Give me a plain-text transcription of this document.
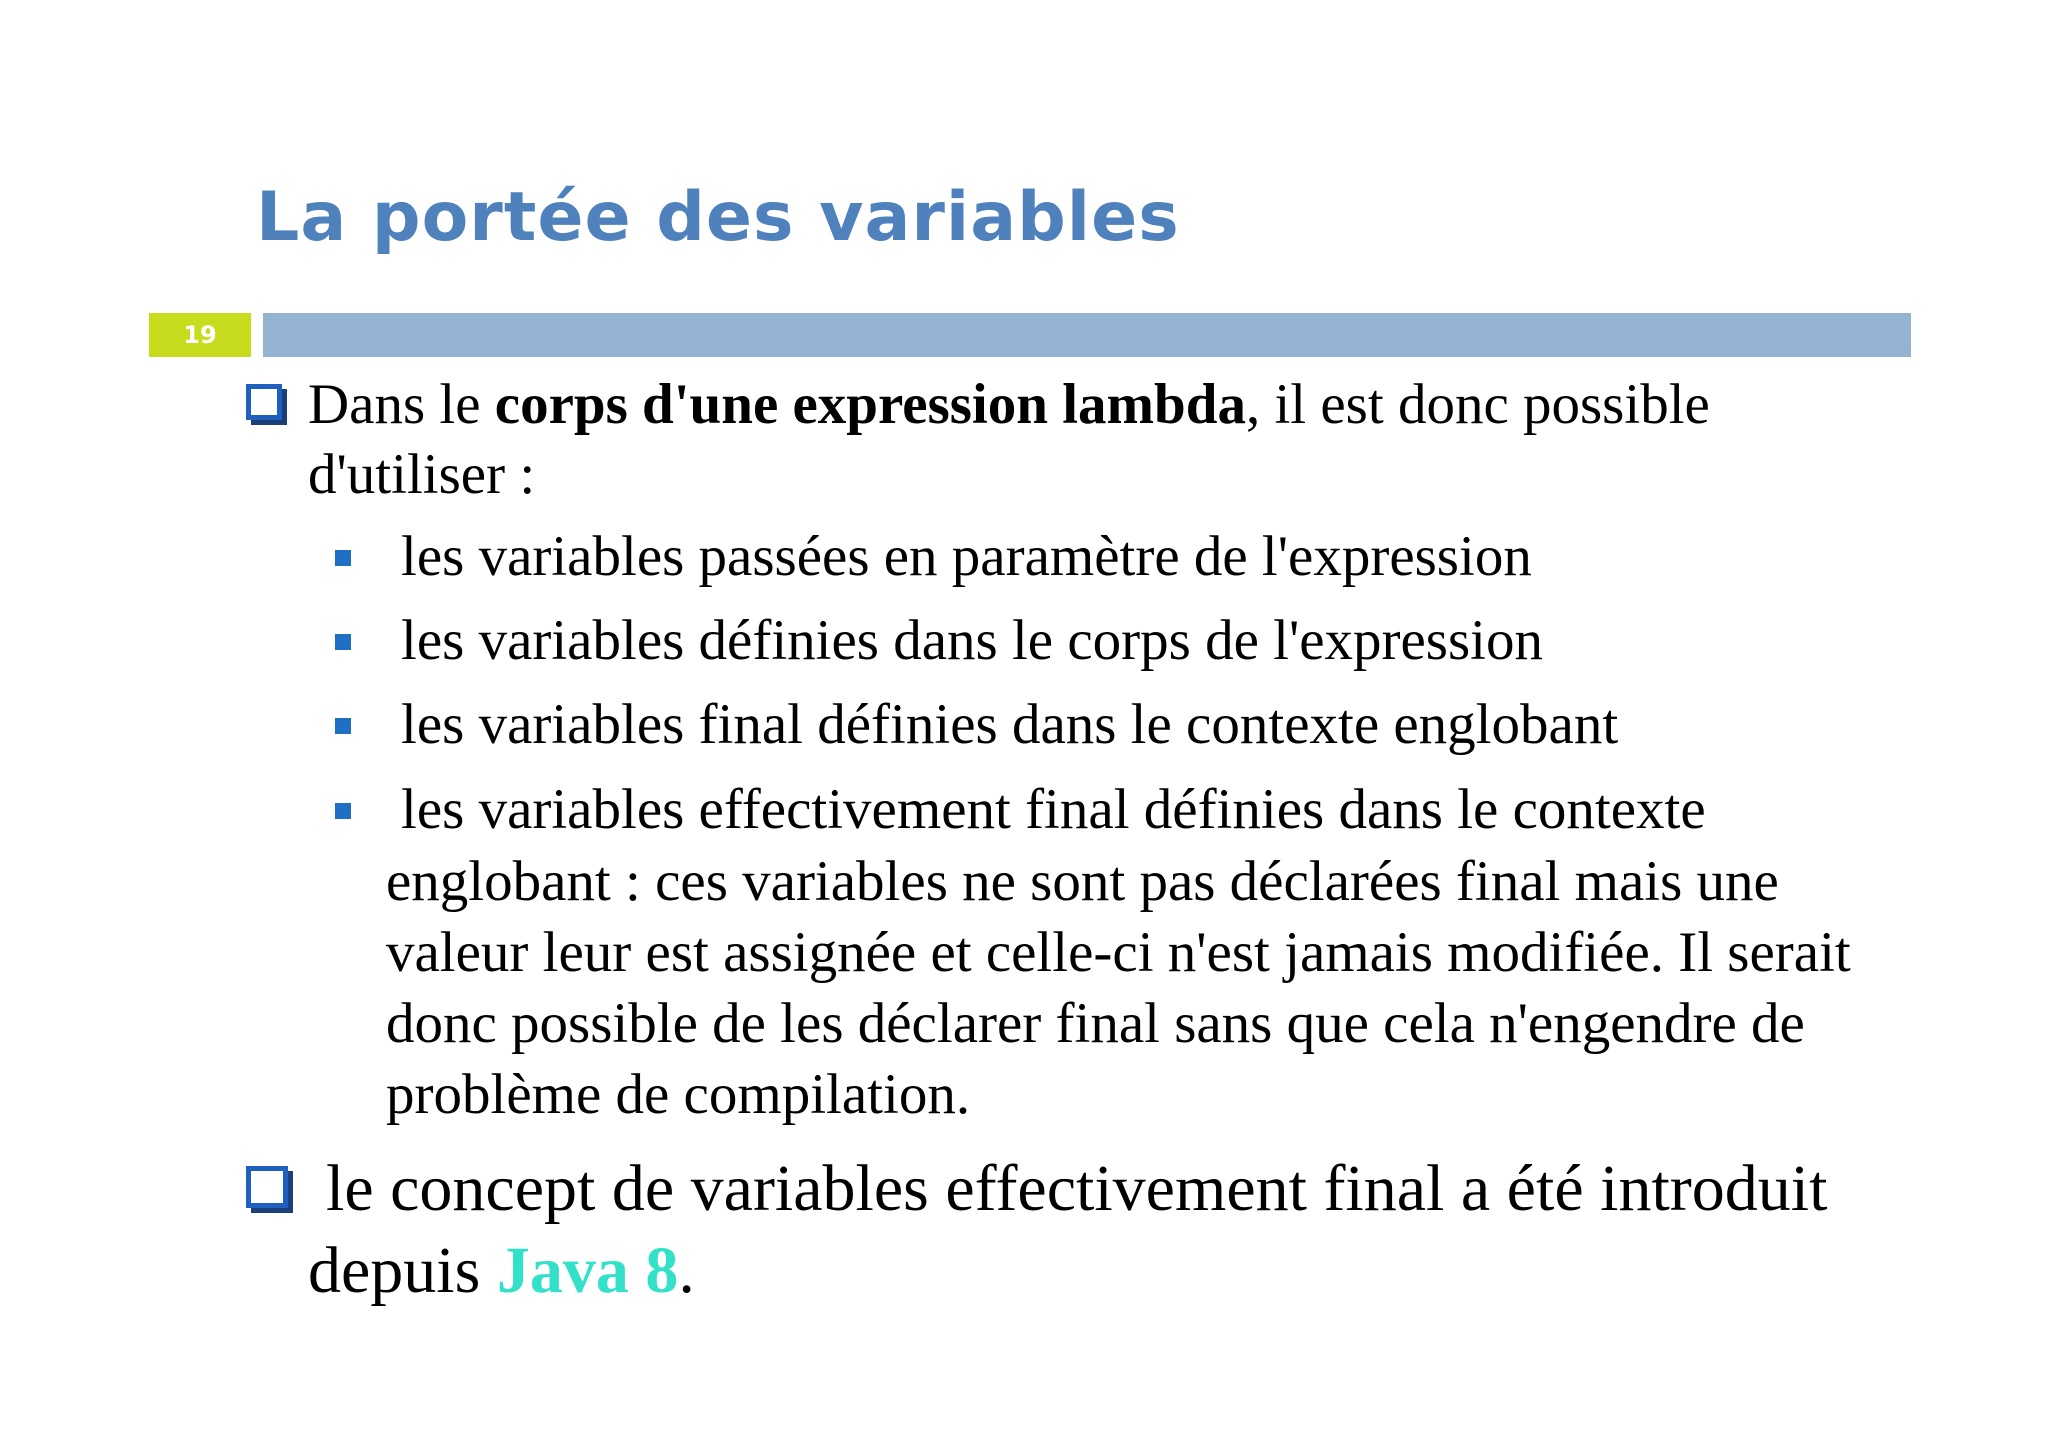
La portée des variables
19
Dans le corps d'une expression lambda, il est donc possible
d'utiliser :
les variables passées en paramètre de l'expression
les variables définies dans le corps de l'expression
les variables final définies dans le contexte englobant
les variables effectivement final définies dans le contexte
englobant : ces variables ne sont pas déclarées final mais une
valeur leur est assignée et celle-ci n'est jamais modifiée. Il serait
donc possible de les déclarer final sans que cela n'engendre de
problème de compilation.
le concept de variables effectivement final a été introduit
depuis Java 8.
